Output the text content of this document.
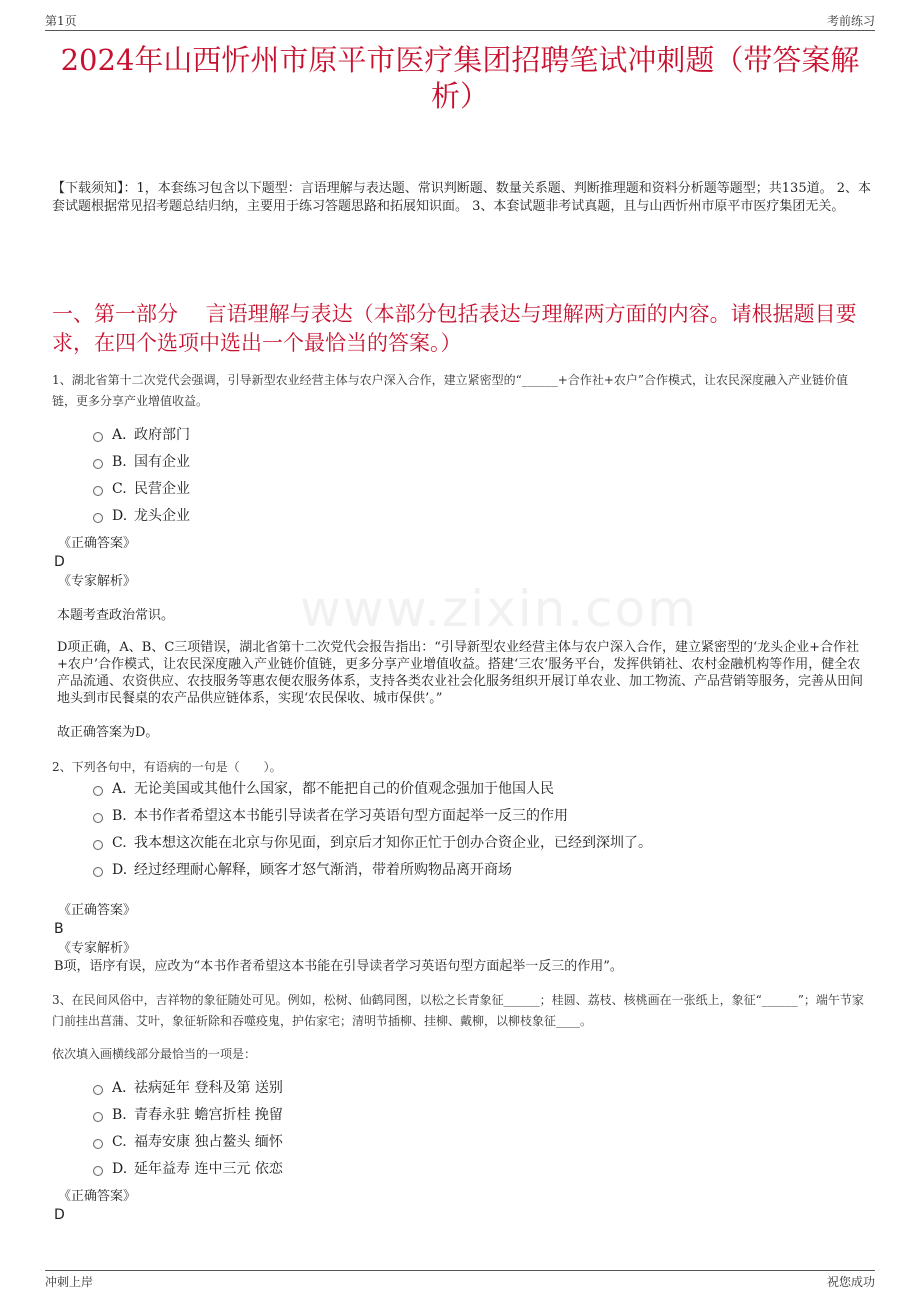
第1页	考前练习
2024年山西忻州市原平市医疗集团招聘笔试冲刺题（带答案解析）
【下载须知】：1，本套练习包含以下题型：言语理解与表达题、常识判断题、数量关系题、判断推理题和资料分析题等题型；共135道。 2、本套试题根据常见招考题总结归纳，主要用于练习答题思路和拓展知识面。 3、本套试题非考试真题，且与山西忻州市原平市医疗集团无关。
一、第一部分　 言语理解与表达（本部分包括表达与理解两方面的内容。请根据题目要求，在四个选项中选出一个最恰当的答案。）
www.zixin.com
1、湖北省第十二次党代会强调，引导新型农业经营主体与农户深入合作，建立紧密型的“______+合作社+农户”合作模式，让农民深度融入产业链价值链，更多分享产业增值收益。
A．
政府部门
B. 国有企业
C. 民营企业
D. 龙头企业
《正确答案》
D
《专家解析》
本题考查政治常识。
D项正确，A、B、C三项错误，湖北省第十二次党代会报告指出：“引导新型农业经营主体与农户深入合作，建立紧密型的‘龙头企业+合作社+农户’合作模式，让农民深度融入产业链价值链，更多分享产业增值收益。搭建‘三农’服务平台，发挥供销社、农村金融机构等作用，健全农产品流通、农资供应、农技服务等惠农便农服务体系，支持各类农业社会化服务组织开展订单农业、加工物流、产品营销等服务，完善从田间地头到市民餐桌的农产品供应链体系，实现‘农民保收、城市保供’。”
故正确答案为D。
2、下列各句中，有语病的一句是（　　）。
A．
无论美国或其他什么国家，都不能把自己的价值观念强加于他国人民
B. 本书作者希望这本书能引导读者在学习英语句型方面起举一反三的作用
C. 我本想这次能在北京与你见面，到京后才知你正忙于创办合资企业，已经到深圳了。
D. 经过经理耐心解释，顾客才怒气渐消，带着所购物品离开商场
《正确答案》
B
《专家解析》
B项，语序有误，应改为“本书作者希望这本书能在引导读者学习英语句型方面起举一反三的作用”。
3、在民间风俗中，吉祥物的象征随处可见。例如，松树、仙鹤同图，以松之长青象征______；桂圆、荔枝、核桃画在一张纸上，象征“______”；端午节家门前挂出菖蒲、艾叶，象征斩除和吞噬疫鬼，护佑家宅；清明节插柳、挂柳、戴柳，以柳枝象征____。
依次填入画横线部分最恰当的一项是：
A．
祛病延年 登科及第 送别
B. 青春永驻 蟾宫折桂 挽留
C. 福寿安康 独占鳌头 缅怀
D. 延年益寿 连中三元 依恋
《正确答案》
D
冲刺上岸	祝您成功
